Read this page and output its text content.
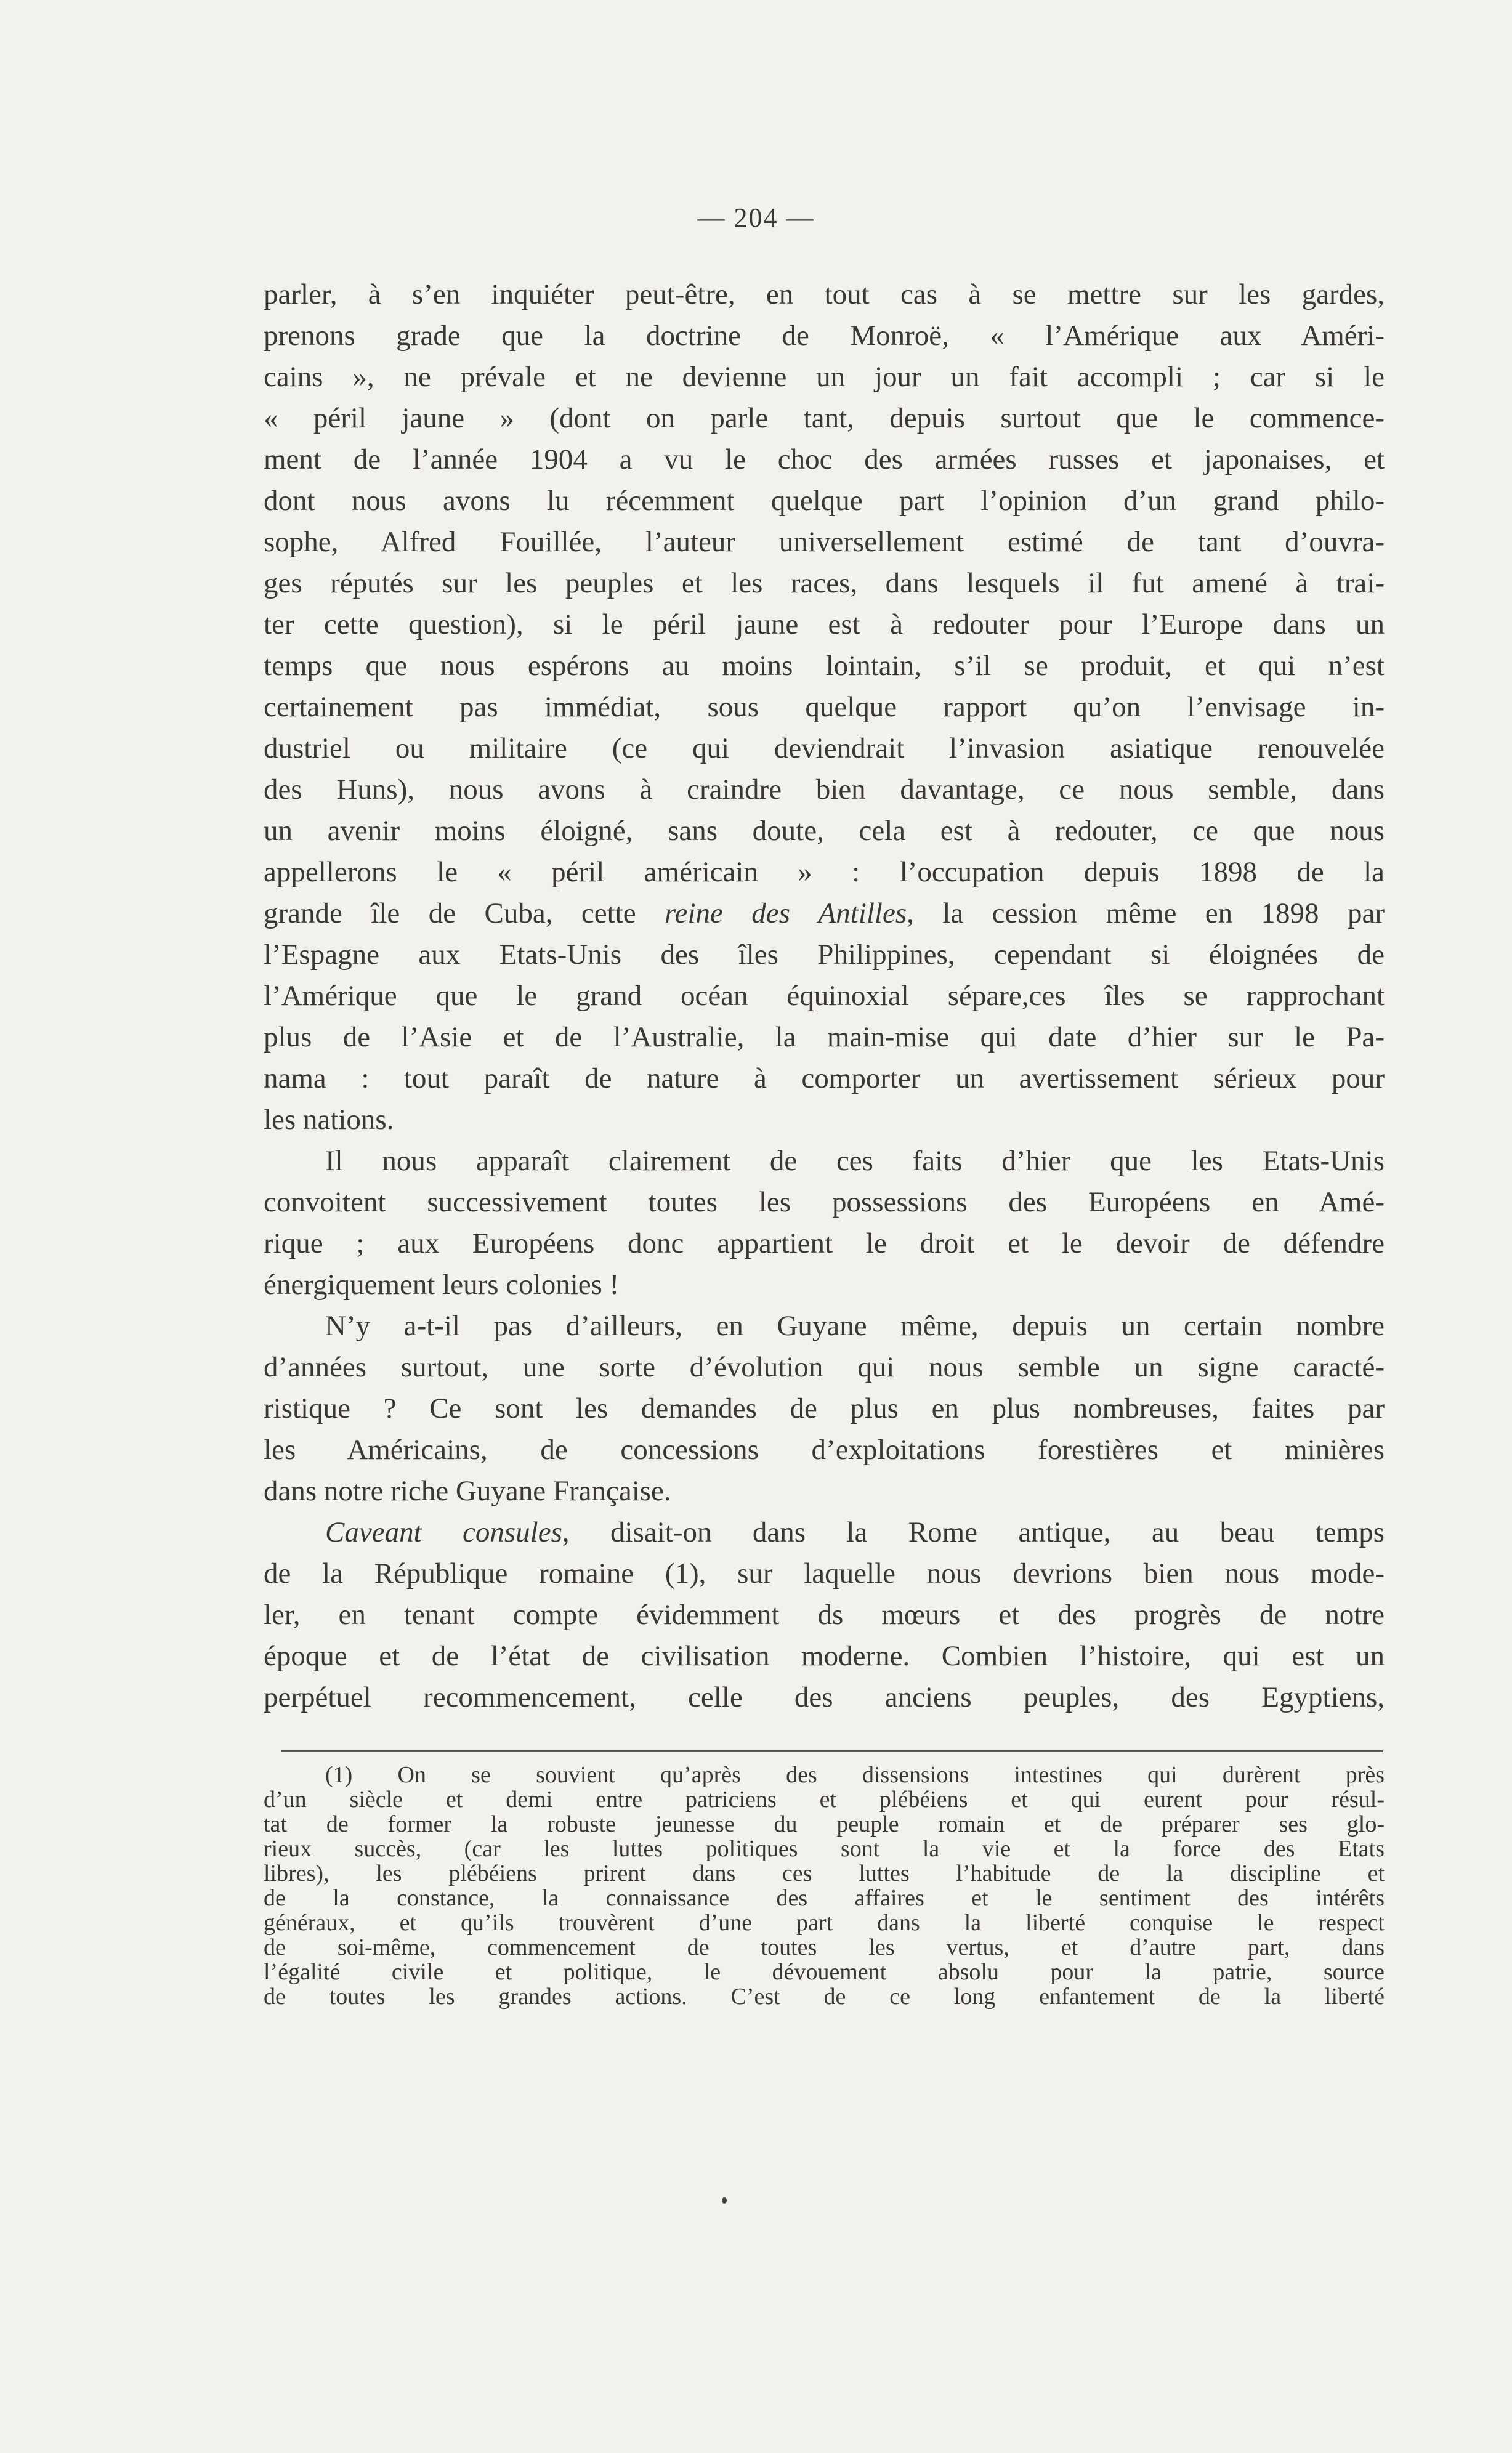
— 204 —
parler, à s’en inquiéter peut-être, en tout cas à se mettre sur les gardes,
prenons grade que la doctrine de Monroë, « l’Amérique aux Améri-
cains », ne prévale et ne devienne un jour un fait accompli ; car si le
« péril jaune » (dont on parle tant, depuis surtout que le commence-
ment de l’année 1904 a vu le choc des armées russes et japonaises, et
dont nous avons lu récemment quelque part l’opinion d’un grand philo-
sophe, Alfred Fouillée, l’auteur universellement estimé de tant d’ouvra-
ges réputés sur les peuples et les races, dans lesquels il fut amené à trai-
ter cette question), si le péril jaune est à redouter pour l’Europe dans un
temps que nous espérons au moins lointain, s’il se produit, et qui n’est
certainement pas immédiat, sous quelque rapport qu’on l’envisage in-
dustriel ou militaire (ce qui deviendrait l’invasion asiatique renouvelée
des Huns), nous avons à craindre bien davantage, ce nous semble, dans
un avenir moins éloigné, sans doute, cela est à redouter, ce que nous
appellerons le « péril américain » : l’occupation depuis 1898 de la
grande île de Cuba, cette reine des Antilles, la cession même en 1898 par
l’Espagne aux Etats-Unis des îles Philippines, cependant si éloignées de
l’Amérique que le grand océan équinoxial sépare,ces îles se rapprochant
plus de l’Asie et de l’Australie, la main-mise qui date d’hier sur le Pa-
nama : tout paraît de nature à comporter un avertissement sérieux pour
les nations.
Il nous apparaît clairement de ces faits d’hier que les Etats-Unis
convoitent successivement toutes les possessions des Européens en Amé-
rique ; aux Européens donc appartient le droit et le devoir de défendre
énergiquement leurs colonies !
N’y a-t-il pas d’ailleurs, en Guyane même, depuis un certain nombre
d’années surtout, une sorte d’évolution qui nous semble un signe caracté-
ristique ? Ce sont les demandes de plus en plus nombreuses, faites par
les Américains, de concessions d’exploitations forestières et minières
dans notre riche Guyane Française.
Caveant consules, disait-on dans la Rome antique, au beau temps
de la République romaine (1), sur laquelle nous devrions bien nous mode-
ler, en tenant compte évidemment ds mœurs et des progrès de notre
époque et de l’état de civilisation moderne. Combien l’histoire, qui est un
perpétuel recommencement, celle des anciens peuples, des Egyptiens,
(1) On se souvient qu’après des dissensions intestines qui durèrent près
d’un siècle et demi entre patriciens et plébéiens et qui eurent pour résul-
tat de former la robuste jeunesse du peuple romain et de préparer ses glo-
rieux succès, (car les luttes politiques sont la vie et la force des Etats
libres), les plébéiens prirent dans ces luttes l’habitude de la discipline et
de la constance, la connaissance des affaires et le sentiment des intérêts
généraux, et qu’ils trouvèrent d’une part dans la liberté conquise le respect
de soi-même, commencement de toutes les vertus, et d’autre part, dans
l’égalité civile et politique, le dévouement absolu pour la patrie, source
de toutes les grandes actions. C’est de ce long enfantement de la liberté
